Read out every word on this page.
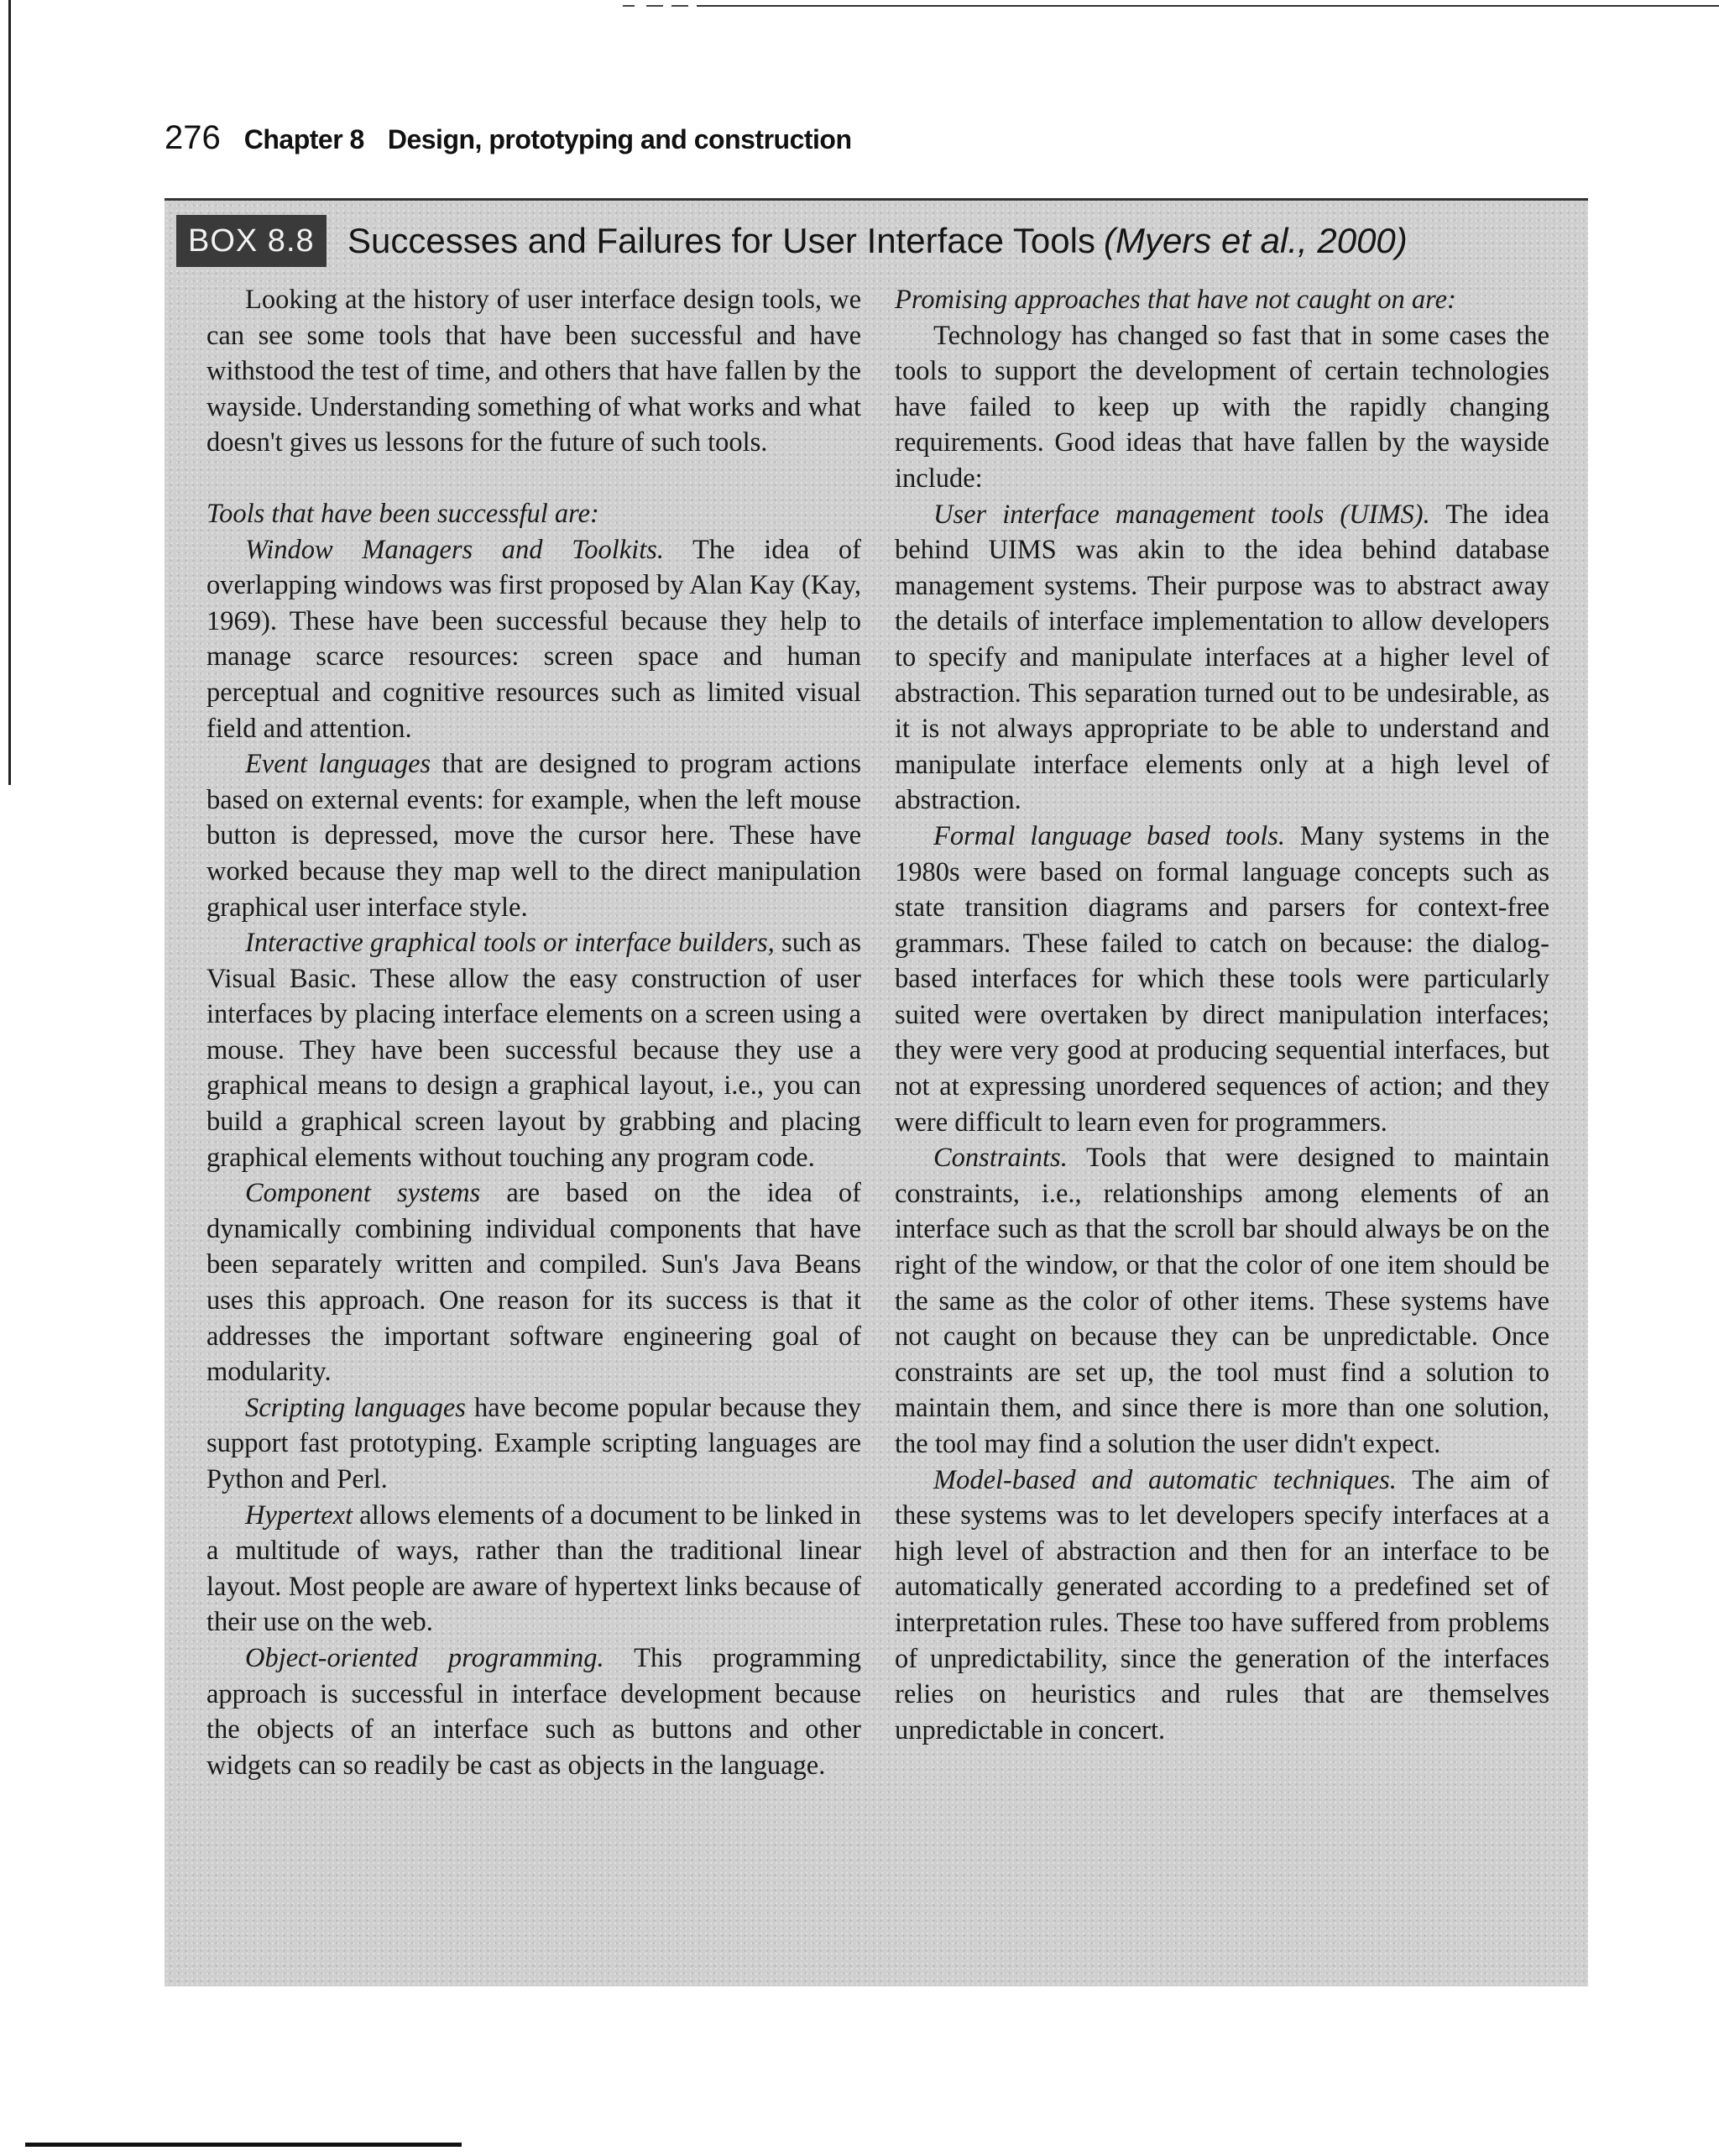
276 Chapter 8 Design, prototyping and construction
BOX 8.8 Successes and Failures for User Interface Tools (Myers et al., 2000)

Looking at the history of user interface design tools, we can see some tools that have been successful and have withstood the test of time, and others that have fallen by the wayside. Understanding something of what works and what doesn't gives us lessons for the future of such tools.

Tools that have been successful are:

Window Managers and Toolkits. The idea of overlapping windows was first proposed by Alan Kay (Kay, 1969). These have been successful because they help to manage scarce resources: screen space and human perceptual and cognitive resources such as limited visual field and attention.

Event languages that are designed to program actions based on external events: for example, when the left mouse button is depressed, move the cursor here. These have worked because they map well to the direct manipulation graphical user interface style.

Interactive graphical tools or interface builders, such as Visual Basic. These allow the easy construction of user interfaces by placing interface elements on a screen using a mouse. They have been successful because they use a graphical means to design a graphical layout, i.e., you can build a graphical screen layout by grabbing and placing graphical elements without touching any program code.

Component systems are based on the idea of dynamically combining individual components that have been separately written and compiled. Sun's Java Beans uses this approach. One reason for its success is that it addresses the important software engineering goal of modularity.

Scripting languages have become popular because they support fast prototyping. Example scripting languages are Python and Perl.

Hypertext allows elements of a document to be linked in a multitude of ways, rather than the traditional linear layout. Most people are aware of hypertext links because of their use on the web.

Object-oriented programming. This programming approach is successful in interface development because the objects of an interface such as buttons and other widgets can so readily be cast as objects in the language.

Promising approaches that have not caught on are:

Technology has changed so fast that in some cases the tools to support the development of certain technologies have failed to keep up with the rapidly changing requirements. Good ideas that have fallen by the wayside include:

User interface management tools (UIMS). The idea behind UIMS was akin to the idea behind database management systems. Their purpose was to abstract away the details of interface implementation to allow developers to specify and manipulate interfaces at a higher level of abstraction. This separation turned out to be undesirable, as it is not always appropriate to be able to understand and manipulate interface elements only at a high level of abstraction.

Formal language based tools. Many systems in the 1980s were based on formal language concepts such as state transition diagrams and parsers for context-free grammars. These failed to catch on because: the dialog-based interfaces for which these tools were particularly suited were overtaken by direct manipulation interfaces; they were very good at producing sequential interfaces, but not at expressing unordered sequences of action; and they were difficult to learn even for programmers.

Constraints. Tools that were designed to maintain constraints, i.e., relationships among elements of an interface such as that the scroll bar should always be on the right of the window, or that the color of one item should be the same as the color of other items. These systems have not caught on because they can be unpredictable. Once constraints are set up, the tool must find a solution to maintain them, and since there is more than one solution, the tool may find a solution the user didn't expect.

Model-based and automatic techniques. The aim of these systems was to let developers specify interfaces at a high level of abstraction and then for an interface to be automatically generated according to a predefined set of interpretation rules. These too have suffered from problems of unpredictability, since the generation of the interfaces relies on heuristics and rules that are themselves unpredictable in concert.
